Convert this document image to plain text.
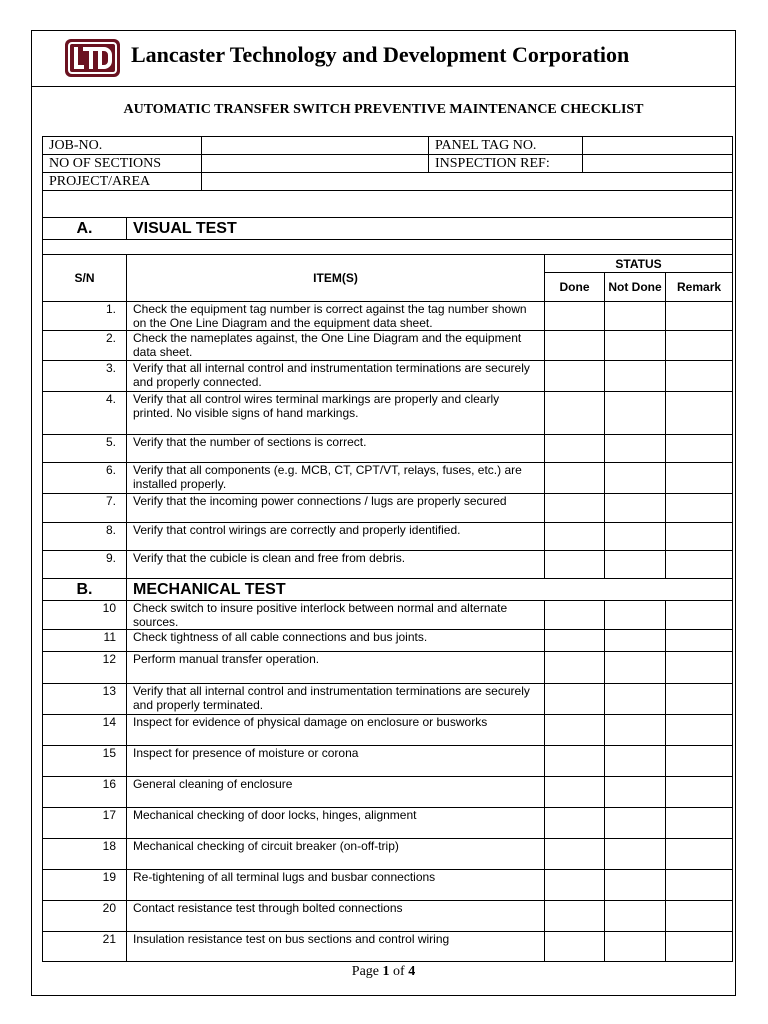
Lancaster Technology and Development Corporation
AUTOMATIC TRANSFER SWITCH PREVENTIVE MAINTENANCE CHECKLIST
JOB-NO.		PANEL TAG NO.	
NO OF SECTIONS		INSPECTION REF:	
PROJECT/AREA			

A.	VISUAL TEST			

S/N	ITEM(S)	STATUS		
		Done	Not Done	Remark
1.	Check the equipment tag number is correct against the tag number shown on the One Line Diagram and the equipment data sheet.			
2.	Check the nameplates against, the One Line Diagram and the equipment data sheet.			
3.	Verify that all internal control and instrumentation terminations are securely and properly connected.			
4.	Verify that all control wires terminal markings are properly and clearly printed. No visible signs of hand markings.			
5.	Verify that the number of sections is correct.			
6.	Verify that all components (e.g. MCB, CT, CPT/VT, relays, fuses, etc.) are installed properly.			
7.	Verify that the incoming power connections / lugs are properly secured			
8.	Verify that control wirings are correctly and properly identified.			
9.	Verify that the cubicle is clean and free from debris.			
B.	MECHANICAL TEST			
10	Check switch to insure positive interlock between normal and alternate sources.			
11	Check tightness of all cable connections and bus joints.			
12	Perform manual transfer operation.			
13	Verify that all internal control and instrumentation terminations are securely and properly terminated.			
14	Inspect for evidence of physical damage on enclosure or busworks			
15	Inspect for presence of moisture or corona			
16	General cleaning of enclosure			
17	Mechanical checking of door locks, hinges, alignment			
18	Mechanical checking of circuit breaker (on-off-trip)			
19	Re-tightening of all terminal lugs and busbar connections			
20	Contact resistance test through bolted connections			
21	Insulation resistance test on bus sections and control wiring			
Page 1 of 4
